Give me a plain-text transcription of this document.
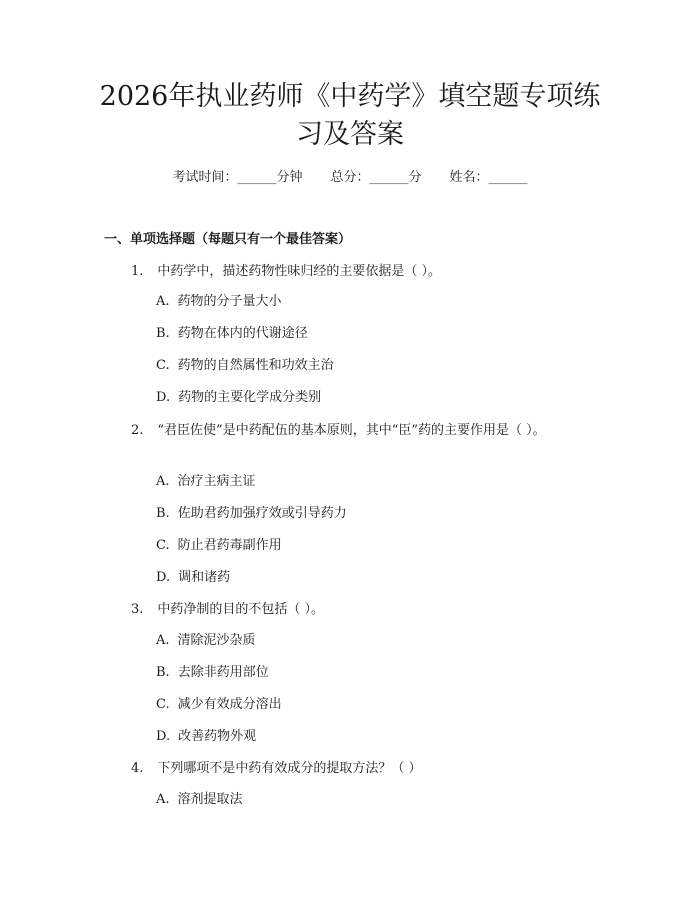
2026年执业药师《中药学》填空题专项练习及答案
考试时间：______分钟 总分：______分 姓名：______
一、单项选择题（每题只有一个最佳答案）
1. 中药学中，描述药物性味归经的主要依据是（ ）。
A. 药物的分子量大小
B. 药物在体内的代谢途径
C. 药物的自然属性和功效主治
D. 药物的主要化学成分类别
2. “君臣佐使”是中药配伍的基本原则，其中“臣”药的主要作用是（ ）。
A. 治疗主病主证
B. 佐助君药加强疗效或引导药力
C. 防止君药毒副作用
D. 调和诸药
3. 中药净制的目的不包括（ ）。
A. 清除泥沙杂质
B. 去除非药用部位
C. 减少有效成分溶出
D. 改善药物外观
4. 下列哪项不是中药有效成分的提取方法？（ ）
A. 溶剂提取法
